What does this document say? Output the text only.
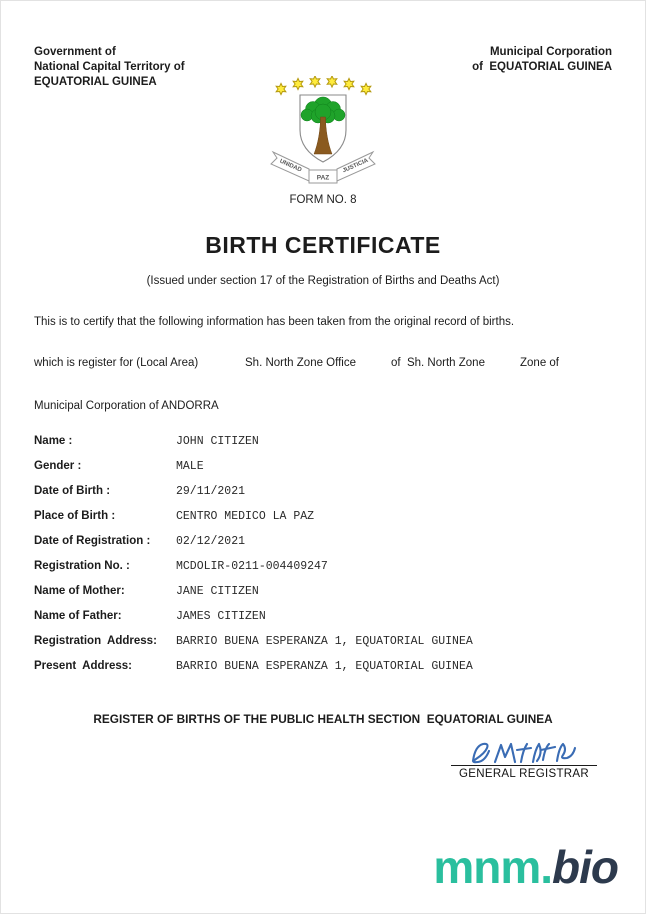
Government of
National Capital Territory of
EQUATORIAL GUINEA
Municipal Corporation
of  EQUATORIAL GUINEA
UNIDAD	JUSTICIA
PAZ
FORM NO. 8
BIRTH CERTIFICATE
(Issued under section 17 of the Registration of Births and Deaths Act)
This is to certify that the following information has been taken from the original record of births.
which is register for (Local Area)	Sh. North Zone Office	of  Sh. North Zone	Zone of
Municipal Corporation of ANDORRA
Name :	JOHN CITIZEN
Gender :	MALE
Date of Birth :	29/11/2021
Place of Birth :	CENTRO MEDICO LA PAZ
Date of Registration :	02/12/2021
Registration No. :	MCDOLIR-0211-004409247
Name of Mother:	JANE CITIZEN
Name of Father:	JAMES CITIZEN
Registration  Address:	BARRIO BUENA ESPERANZA 1, EQUATORIAL GUINEA
Present  Address:	BARRIO BUENA ESPERANZA 1, EQUATORIAL GUINEA
REGISTER OF BIRTHS OF THE PUBLIC HEALTH SECTION  EQUATORIAL GUINEA
GENERAL REGISTRAR
mnm.bio
